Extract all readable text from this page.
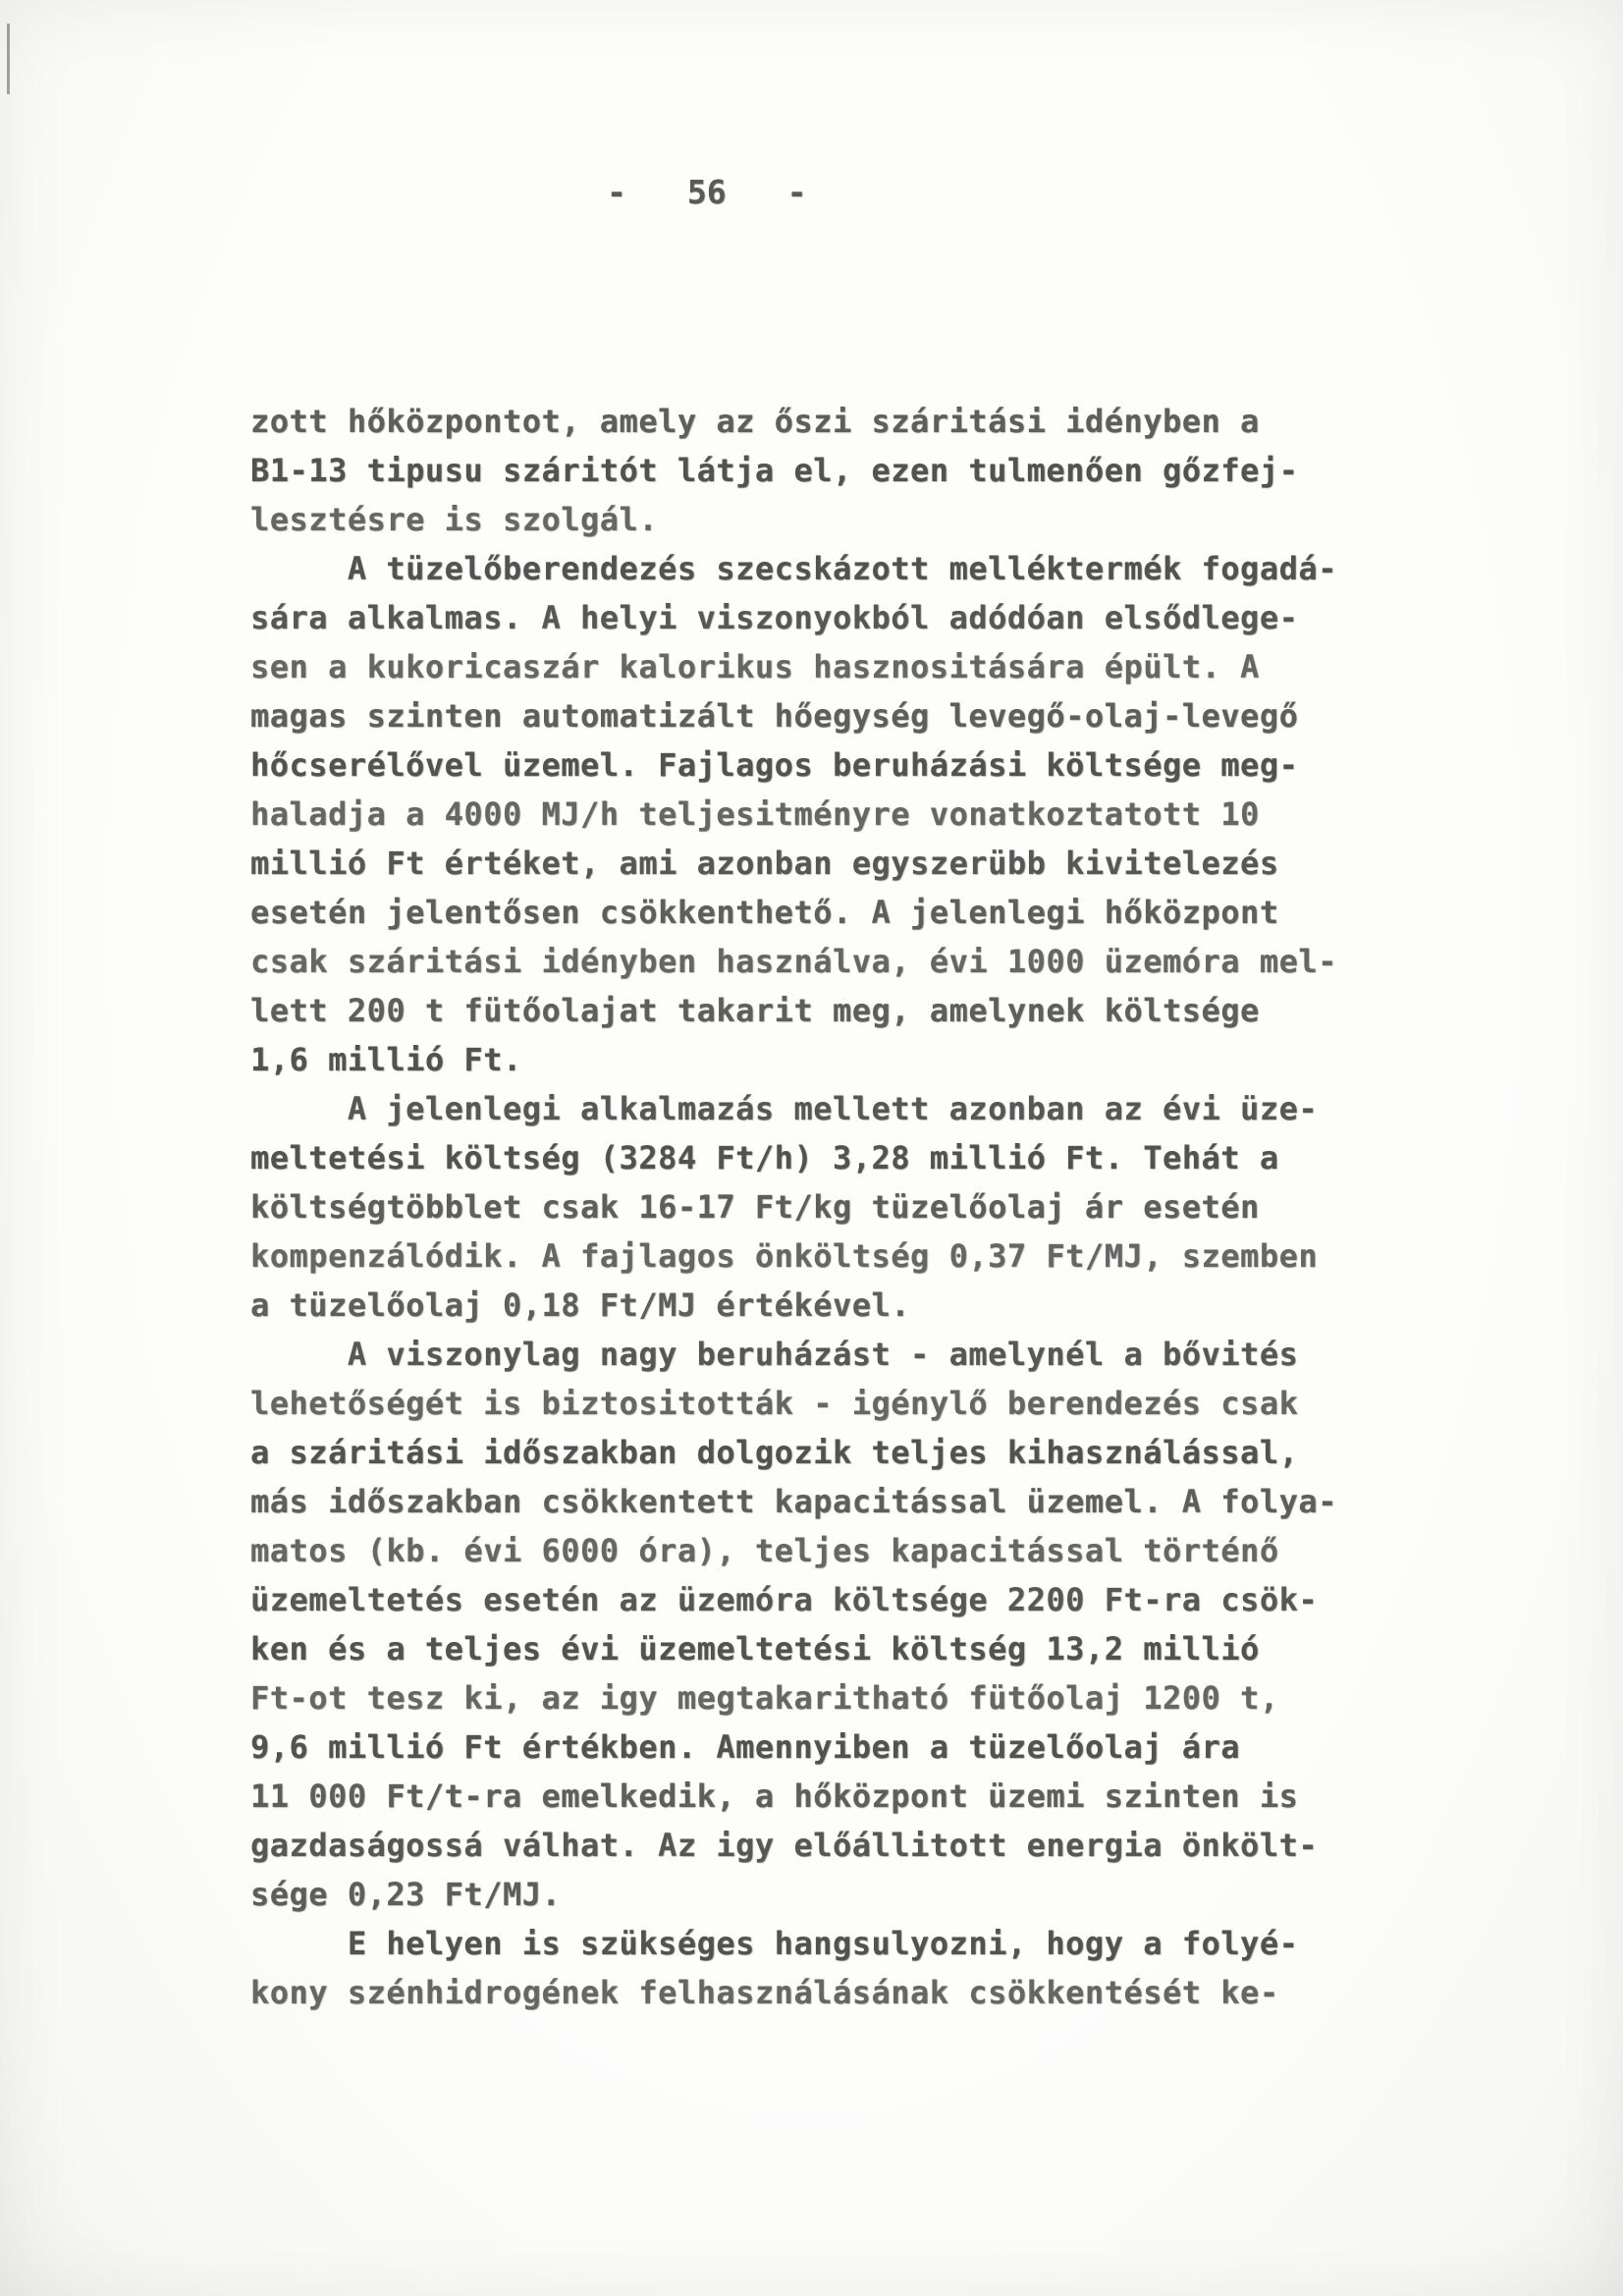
- 56 -
zott hőközpontot, amely az őszi száritási idényben a
B1-13 tipusu száritót látja el, ezen tulmenően gőzfej-
lesztésre is szolgál.
A tüzelőberendezés szecskázott melléktermék fogadá-
sára alkalmas. A helyi viszonyokból adódóan elsődlege-
sen a kukoricaszár kalorikus hasznositására épült. A
magas szinten automatizált hőegység levegő-olaj-levegő
hőcserélővel üzemel. Fajlagos beruházási költsége meg-
haladja a 4000 MJ/h teljesitményre vonatkoztatott 10
millió Ft értéket, ami azonban egyszerübb kivitelezés
esetén jelentősen csökkenthető. A jelenlegi hőközpont
csak száritási idényben használva, évi 1000 üzemóra mel-
lett 200 t fütőolajat takarit meg, amelynek költsége
1,6 millió Ft.
A jelenlegi alkalmazás mellett azonban az évi üze-
meltetési költség (3284 Ft/h) 3,28 millió Ft. Tehát a
költségtöbblet csak 16-17 Ft/kg tüzelőolaj ár esetén
kompenzálódik. A fajlagos önköltség 0,37 Ft/MJ, szemben
a tüzelőolaj 0,18 Ft/MJ értékével.
A viszonylag nagy beruházást - amelynél a bővités
lehetőségét is biztositották - igénylő berendezés csak
a száritási időszakban dolgozik teljes kihasználással,
más időszakban csökkentett kapacitással üzemel. A folya-
matos (kb. évi 6000 óra), teljes kapacitással történő
üzemeltetés esetén az üzemóra költsége 2200 Ft-ra csök-
ken és a teljes évi üzemeltetési költség 13,2 millió
Ft-ot tesz ki, az igy megtakaritható fütőolaj 1200 t,
9,6 millió Ft értékben. Amennyiben a tüzelőolaj ára
11 000 Ft/t-ra emelkedik, a hőközpont üzemi szinten is
gazdaságossá válhat. Az igy előállitott energia önkölt-
sége 0,23 Ft/MJ.
E helyen is szükséges hangsulyozni, hogy a folyé-
kony szénhidrogének felhasználásának csökkentését ke-
